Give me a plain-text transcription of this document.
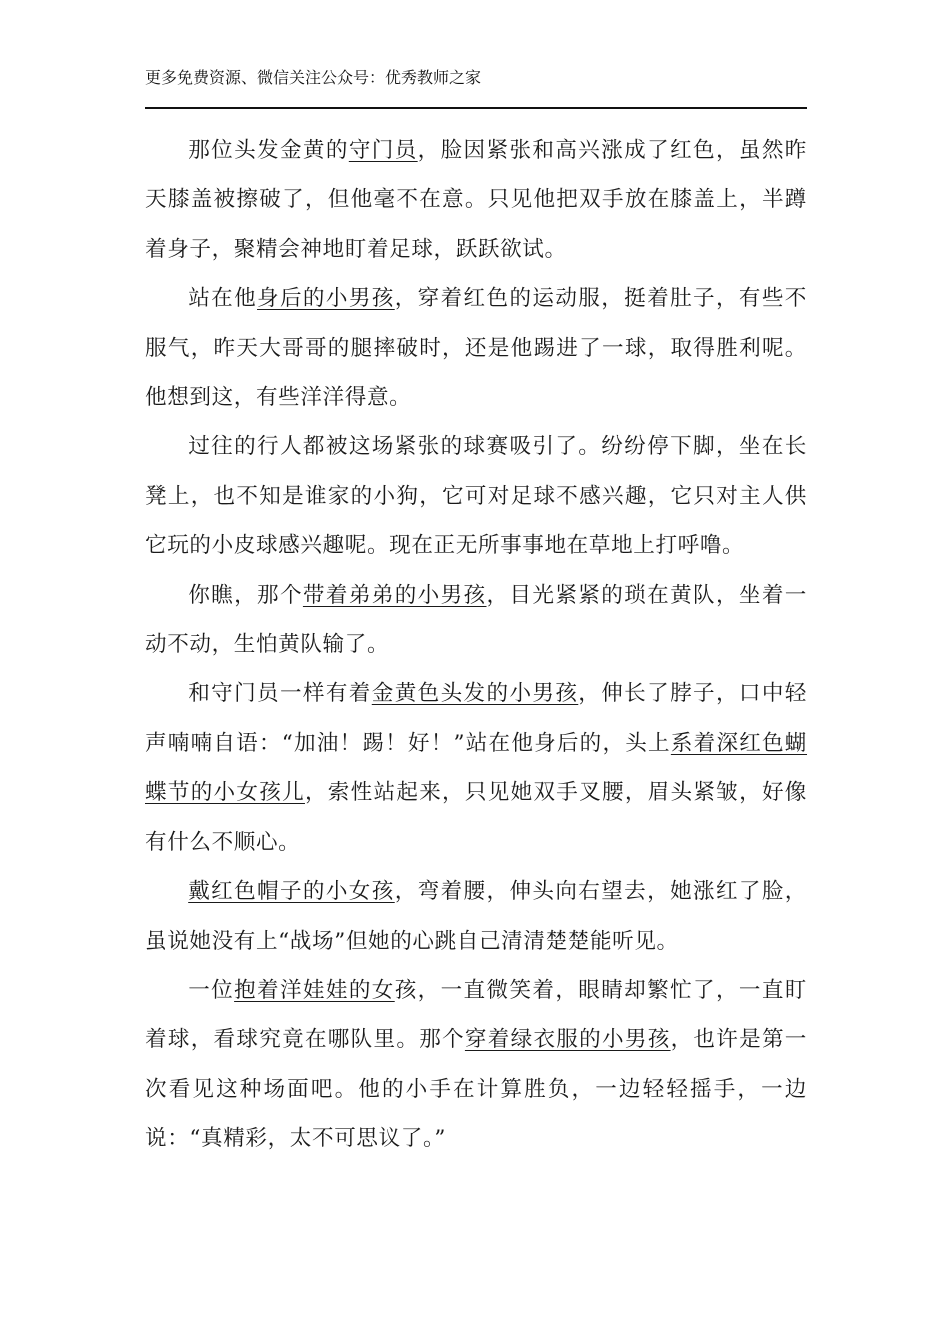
更多免费资源、微信关注公众号：优秀教师之家

那位头发金黄的守门员，脸因紧张和高兴涨成了红色，虽然昨天膝盖被擦破了，但他毫不在意。只见他把双手放在膝盖上，半蹲着身子，聚精会神地盯着足球，跃跃欲试。

站在他身后的小男孩，穿着红色的运动服，挺着肚子，有些不服气，昨天大哥哥的腿摔破时，还是他踢进了一球，取得胜利呢。他想到这，有些洋洋得意。

过往的行人都被这场紧张的球赛吸引了。纷纷停下脚，坐在长凳上，也不知是谁家的小狗，它可对足球不感兴趣，它只对主人供它玩的小皮球感兴趣呢。现在正无所事事地在草地上打呼噜。

你瞧，那个带着弟弟的小男孩，目光紧紧的琐在黄队，坐着一动不动，生怕黄队输了。

和守门员一样有着金黄色头发的小男孩，伸长了脖子，口中轻声喃喃自语：“加油！踢！好！”站在他身后的，头上系着深红色蝴蝶节的小女孩儿，索性站起来，只见她双手叉腰，眉头紧皱，好像有什么不顺心。

戴红色帽子的小女孩，弯着腰，伸头向右望去，她涨红了脸，虽说她没有上“战场”但她的心跳自己清清楚楚能听见。

一位抱着洋娃娃的女孩，一直微笑着，眼睛却繁忙了，一直盯着球，看球究竟在哪队里。那个穿着绿衣服的小男孩，也许是第一次看见这种场面吧。他的小手在计算胜负，一边轻轻摇手，一边说：“真精彩，太不可思议了。”
